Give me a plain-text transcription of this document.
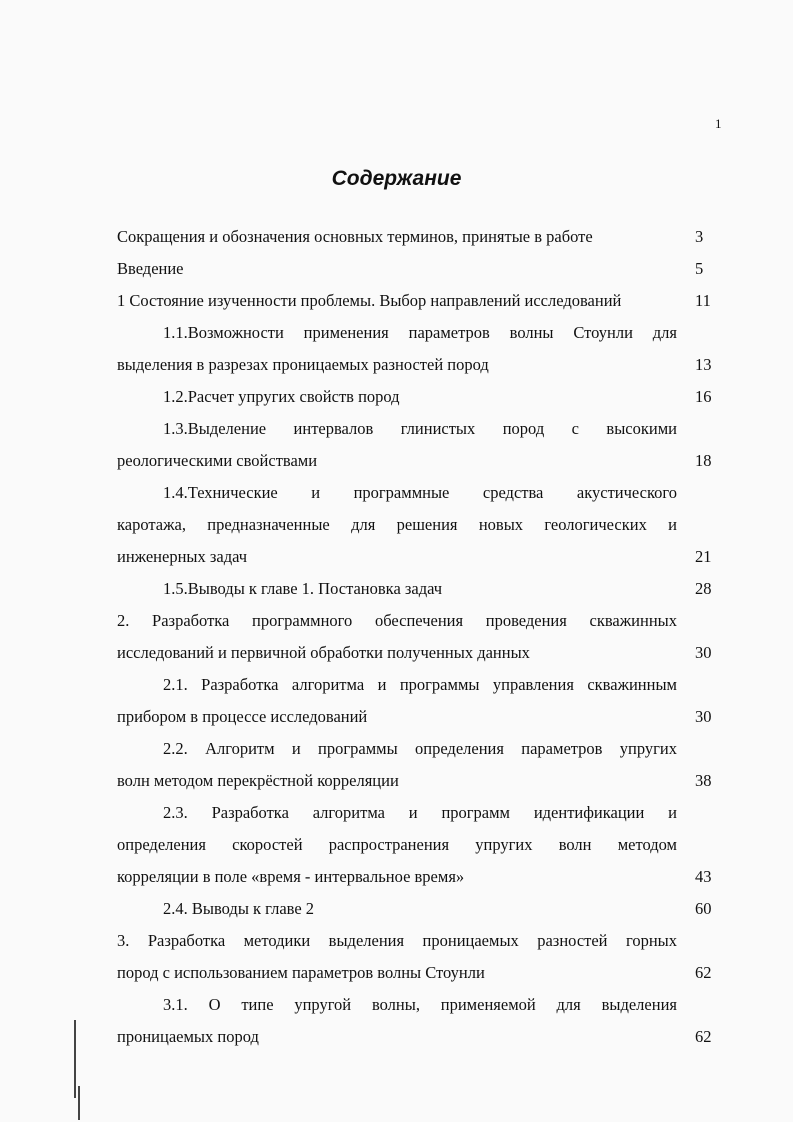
1
Содержание
Сокращения и обозначения основных терминов, принятые в работе	3
Введение	5
1 Состояние изученности проблемы. Выбор направлений исследований	11
1.1.Возможности применения параметров волны Стоунли для
выделения в разрезах проницаемых разностей пород	13
1.2.Расчет упругих свойств пород	16
1.3.Выделение интервалов глинистых пород с высокими
реологическими свойствами	18
1.4.Технические и программные средства акустического
каротажа, предназначенные для решения новых геологических и
инженерных задач	21
1.5.Выводы к главе 1. Постановка задач	28
2. Разработка программного обеспечения проведения скважинных
исследований и первичной обработки полученных данных	30
2.1. Разработка алгоритма и программы управления скважинным
прибором в процессе исследований	30
2.2. Алгоритм и программы определения параметров упругих
волн методом перекрёстной корреляции	38
2.3. Разработка алгоритма и программ идентификации и
определения скоростей распространения упругих волн методом
корреляции в поле «время - интервальное время»	43
2.4. Выводы к главе 2	60
3. Разработка методики выделения проницаемых разностей горных
пород с использованием параметров волны Стоунли	62
3.1. О типе упругой волны, применяемой для выделения
проницаемых пород	62
